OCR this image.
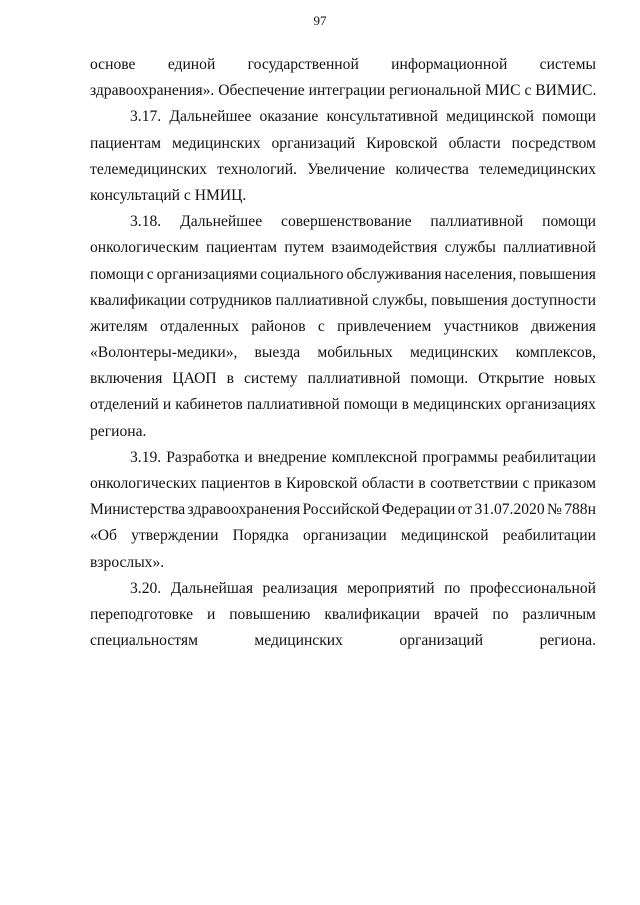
97
основе единой государственной информационной системы
здравоохранения». Обеспечение интеграции региональной МИС с ВИМИС.
3.17. Дальнейшее оказание консультативной медицинской помощи
пациентам медицинских организаций Кировской области посредством
телемедицинских технологий. Увеличение количества телемедицинских
консультаций с НМИЦ.
3.18. Дальнейшее совершенствование паллиативной помощи
онкологическим пациентам путем взаимодействия службы паллиативной
помощи с организациями социального обслуживания населения, повышения
квалификации сотрудников паллиативной службы, повышения доступности
жителям отдаленных районов с привлечением участников движения
«Волонтеры-медики», выезда мобильных медицинских комплексов,
включения ЦАОП в систему паллиативной помощи. Открытие новых
отделений и кабинетов паллиативной помощи в медицинских организациях
региона.
3.19. Разработка и внедрение комплексной программы реабилитации
онкологических пациентов в Кировской области в соответствии с приказом
Министерства здравоохранения Российской Федерации от 31.07.2020 № 788н
«Об утверждении Порядка организации медицинской реабилитации
взрослых».
3.20. Дальнейшая реализация мероприятий по профессиональной
переподготовке и повышению квалификации врачей по различным
специальностям	медицинских	организаций	региона.
